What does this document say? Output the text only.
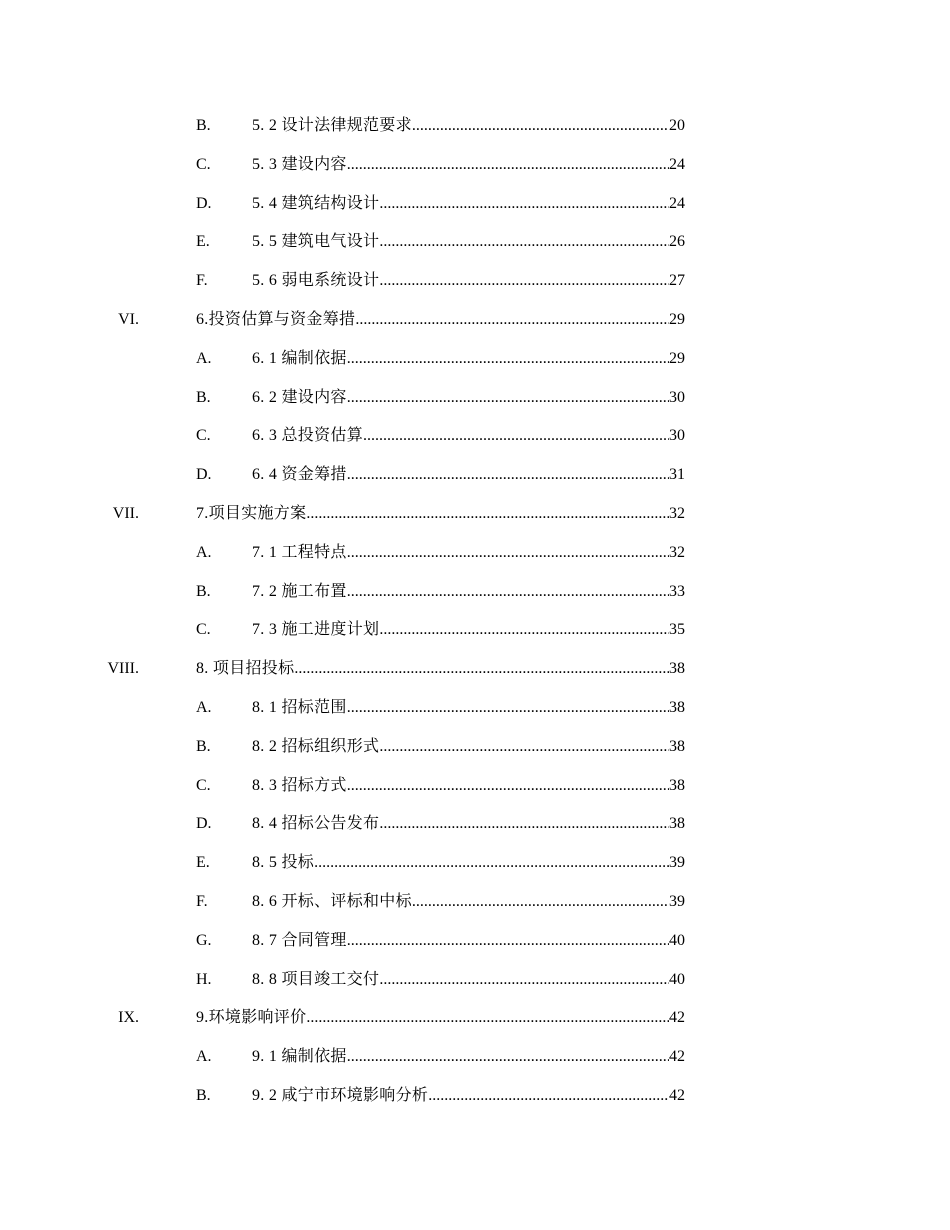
B.	5. 2 设计法律规范要求 .....	20
C.	5. 3 建设内容 .....	24
D.	5. 4 建筑结构设计 .....	24
E.	5. 5 建筑电气设计 .....	26
F.	5. 6 弱电系统设计 .....	27
VI.	6.投资估算与资金筹措 .....	29
A.	6. 1 编制依据 .....	29
B.	6. 2 建设内容 .....	30
C.	6. 3 总投资估算 .....	30
D.	6. 4 资金筹措 .....	31
VII.	7.项目实施方案 .....	32
A.	7. 1 工程特点 .....	32
B.	7. 2 施工布置 .....	33
C.	7. 3 施工进度计划 .....	35
VIII.	8. 项目招投标 .....	38
A.	8. 1 招标范围 .....	38
B.	8. 2 招标组织形式 .....	38
C.	8. 3 招标方式 .....	38
D.	8. 4 招标公告发布 .....	38
E.	8. 5 投标 .....	39
F.	8. 6 开标、评标和中标 .....	39
G.	8. 7 合同管理 .....	40
H.	8. 8 项目竣工交付 .....	40
IX.	9.环境影响评价 .....	42
A.	9. 1 编制依据 .....	42
B.	9. 2 咸宁市环境影响分析 .....	42
